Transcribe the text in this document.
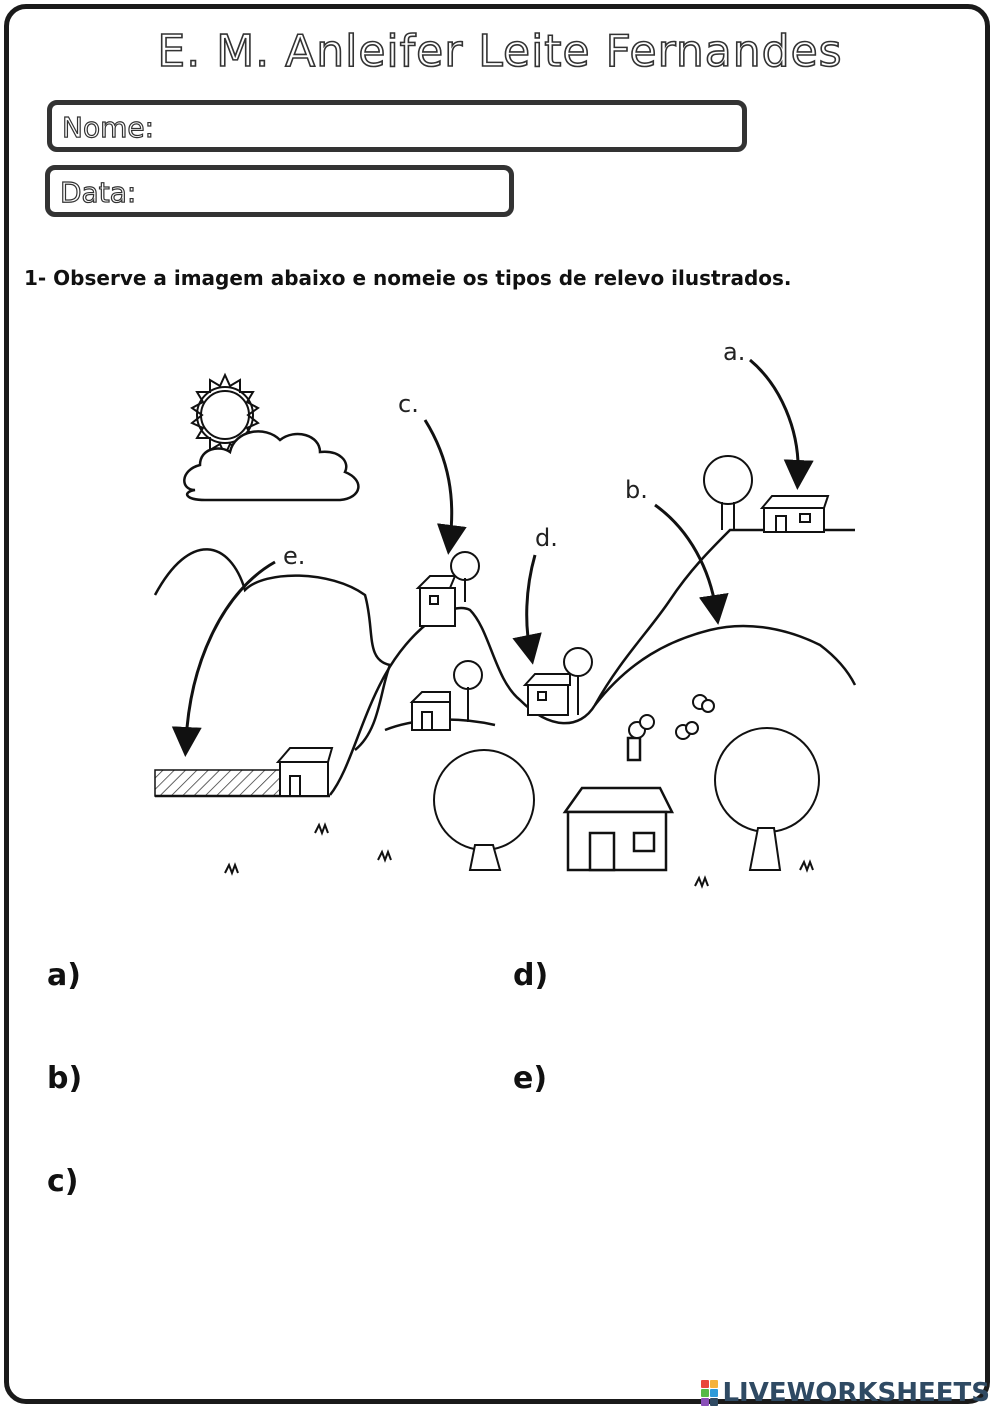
E. M. Anleifer Leite Fernandes
Nome:
Data:
1- Observe a imagem abaixo e nomeie os tipos de relevo ilustrados.
a.
b.
c.
d.
e.
a)
b)
c)
d)
e)
LIVEWORKSHEETS
